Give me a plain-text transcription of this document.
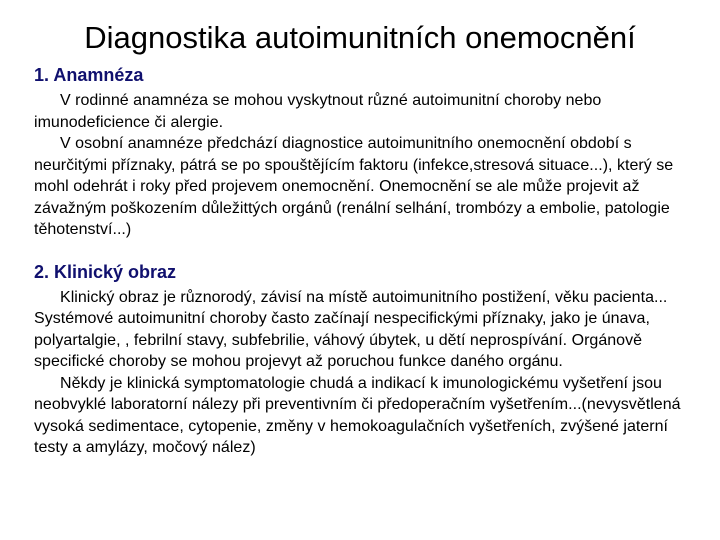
Diagnostika autoimunitních onemocnění
1. Anamnéza

V rodinné anamnéza se mohou vyskytnout různé autoimunitní choroby nebo imunodeficience či alergie.

V osobní anamnéze předchází diagnostice autoimunitního onemocnění období s neurčitými příznaky, pátrá se po spouštějícím faktoru (infekce,stresová situace...), který se mohl odehrát i roky před projevem onemocnění. Onemocnění se ale může projevit až závažným poškozením důležittých orgánů (renální selhání, trombózy a embolie, patologie těhotenství...)

2. Klinický obraz

Klinický obraz je různorodý, závisí na místě autoimunitního postižení, věku pacienta... Systémové autoimunitní choroby často začínají nespecifickými příznaky, jako je únava, polyartalgie, , febrilní stavy, subfebrilie, váhový úbytek, u dětí neprospívání. Orgánově specifické choroby se mohou projevyt až poruchou funkce daného orgánu.

Někdy je klinická symptomatologie chudá a indikací k imunologickému vyšetření jsou neobvyklé laboratorní nálezy při preventivním či předoperačním vyšetřením...(nevysvětlená vysoká sedimentace, cytopenie, změny v hemokoagulačních vyšetřeních, zvýšené jaterní testy a amylázy, močový nález)
